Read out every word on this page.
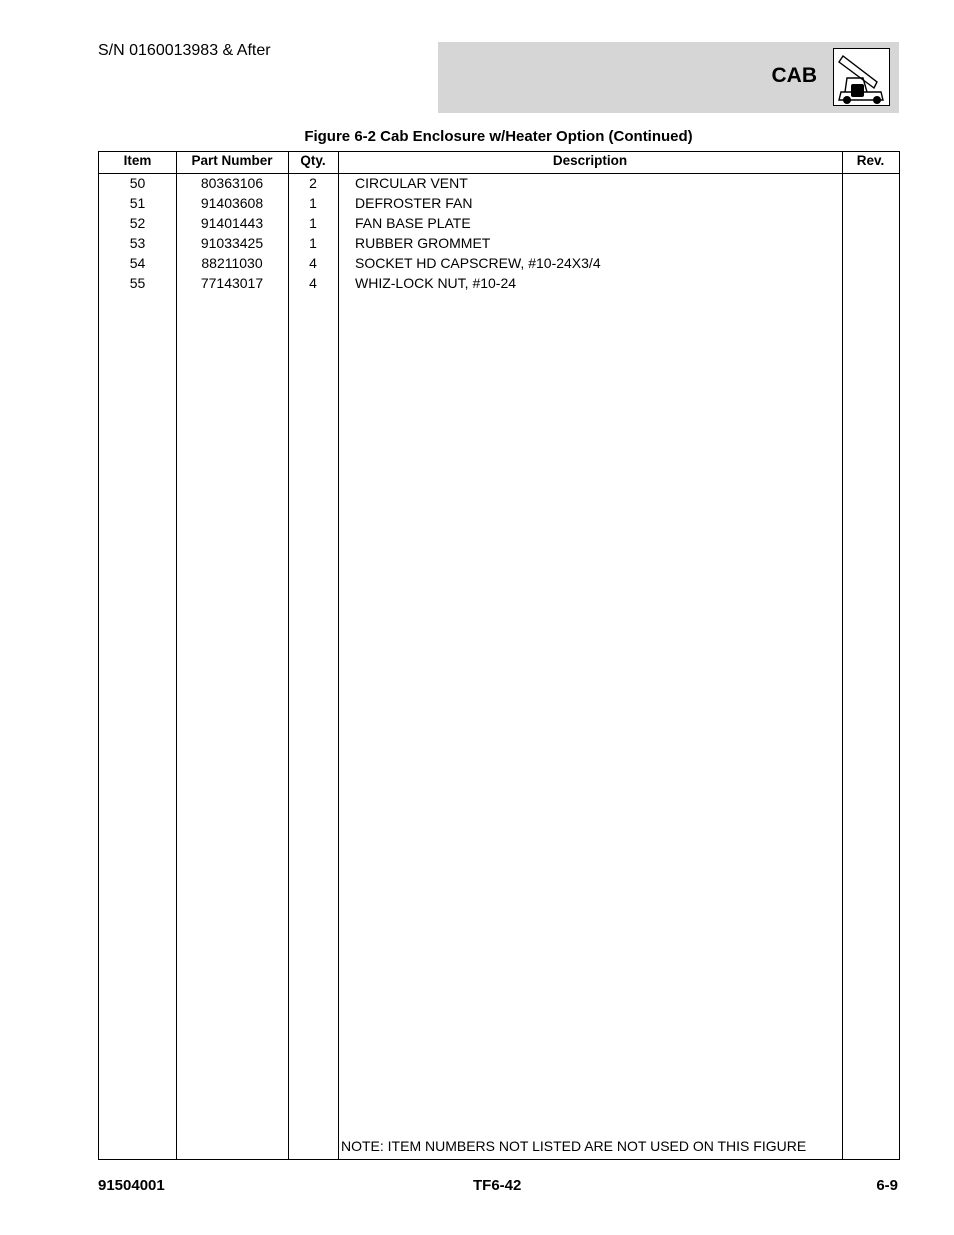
S/N 0160013983 & After
CAB
Figure 6-2 Cab Enclosure w/Heater Option (Continued)
Item	Part Number	Qty.	Description	Rev.
50	80363106	2	CIRCULAR VENT
51	91403608	1	DEFROSTER FAN
52	91401443	1	FAN BASE PLATE
53	91033425	1	RUBBER GROMMET
54	88211030	4	SOCKET HD CAPSCREW, #10-24X3/4
55	77143017	4	WHIZ-LOCK NUT, #10-24
NOTE: ITEM NUMBERS NOT LISTED ARE NOT USED ON THIS FIGURE
91504001	TF6-42	6-9
